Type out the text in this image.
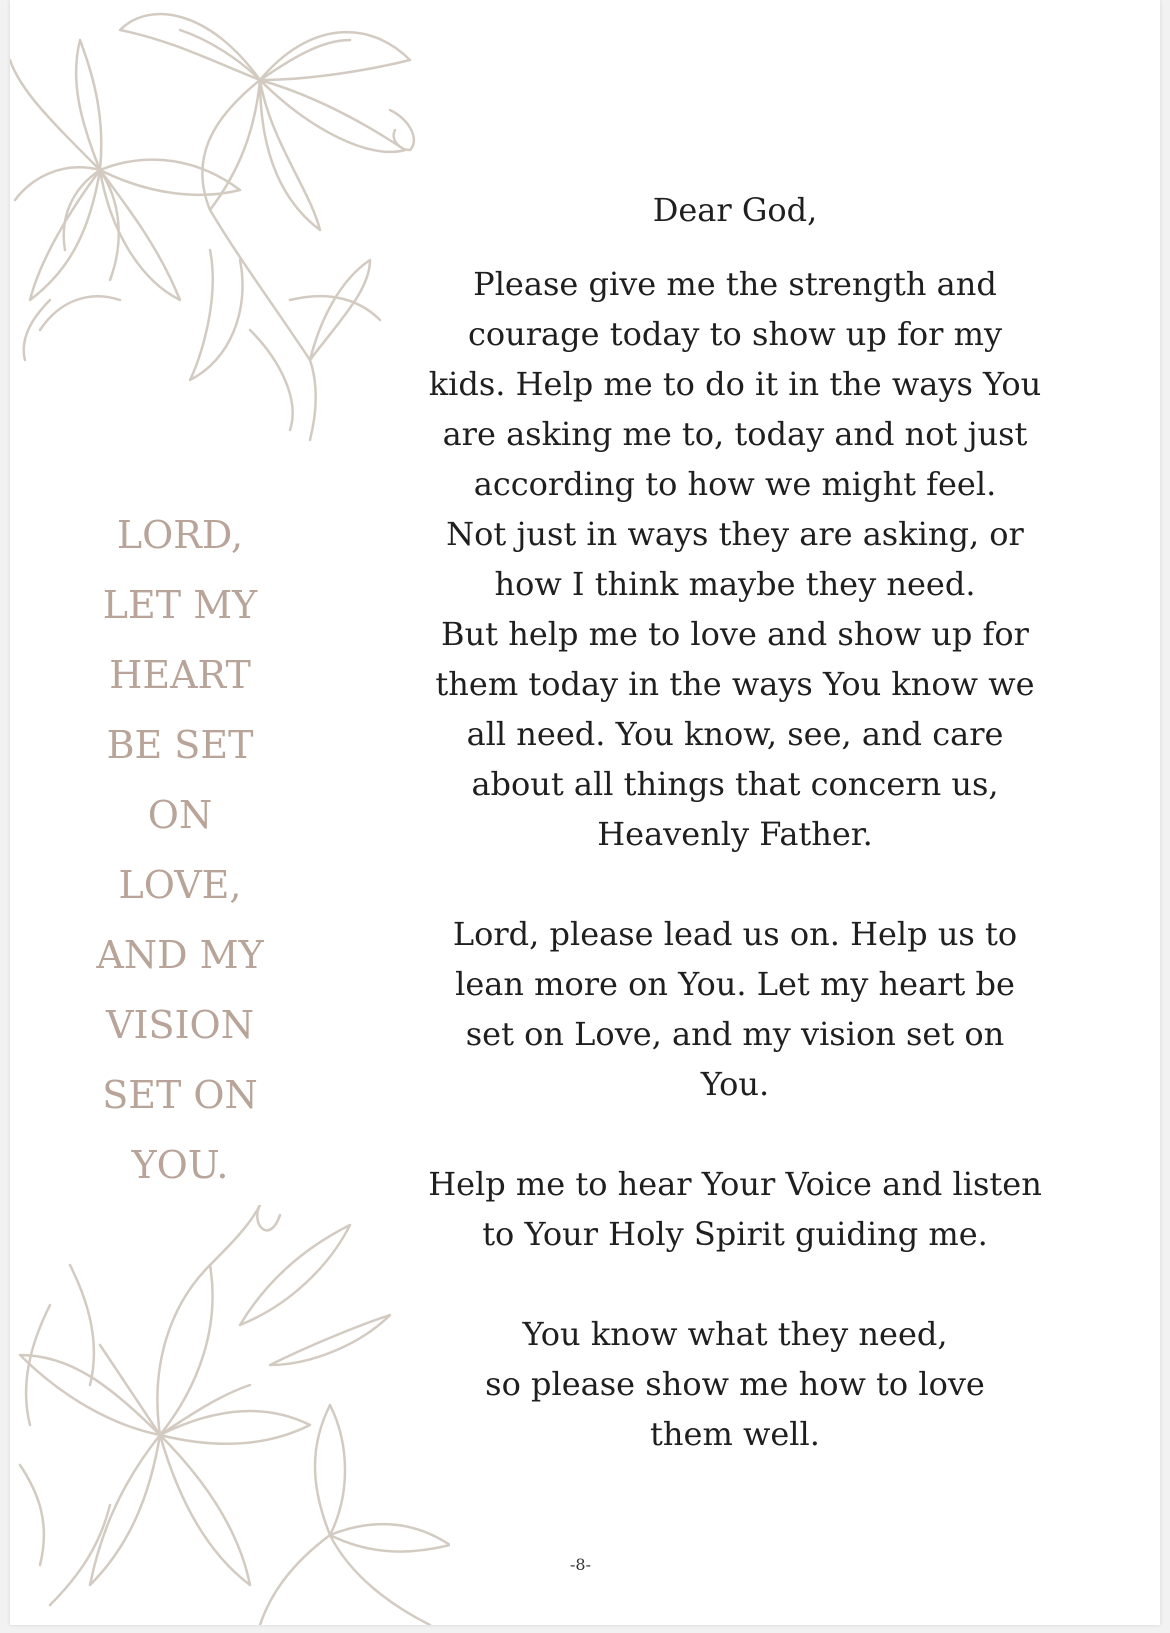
LORD,
LET MY
HEART
BE SET
ON
LOVE,
AND MY
VISION
SET ON
YOU.
Dear God,
Please give me the strength and
courage today to show up for my
kids. Help me to do it in the ways You
are asking me to, today and not just
according to how we might feel.
Not just in ways they are asking, or
how I think maybe they need.
But help me to love and show up for
them today in the ways You know we
all need. You know, see, and care
about all things that concern us,
Heavenly Father.
Lord, please lead us on. Help us to
lean more on You. Let my heart be
set on Love, and my vision set on
You.
Help me to hear Your Voice and listen
to Your Holy Spirit guiding me.
You know what they need,
so please show me how to love
them well.
-8-
